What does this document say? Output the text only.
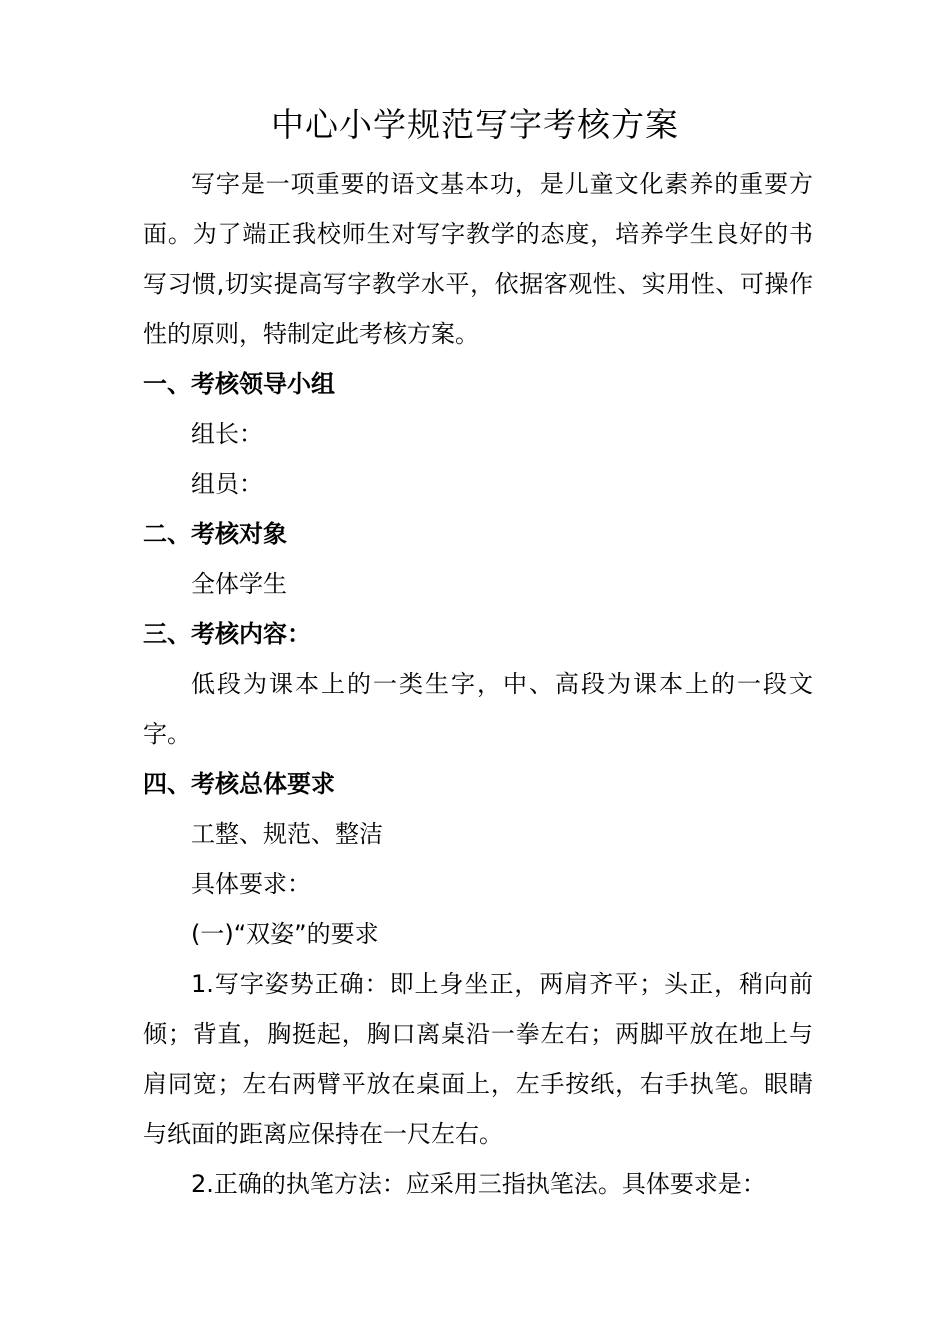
中心小学规范写字考核方案

写字是一项重要的语文基本功，是儿童文化素养的重要方面。为了端正我校师生对写字教学的态度，培养学生良好的书写习惯,切实提高写字教学水平，依据客观性、实用性、可操作性的原则，特制定此考核方案。

一、考核领导小组

组长：

组员：

二、考核对象

全体学生

三、考核内容：

低段为课本上的一类生字，中、高段为课本上的一段文字。

四、考核总体要求

工整、规范、整洁

具体要求：

(一)“双姿”的要求

1.写字姿势正确：即上身坐正，两肩齐平；头正，稍向前倾；背直，胸挺起，胸口离桌沿一拳左右；两脚平放在地上与肩同宽；左右两臂平放在桌面上，左手按纸，右手执笔。眼睛与纸面的距离应保持在一尺左右。

2.正确的执笔方法：应采用三指执笔法。具体要求是：
